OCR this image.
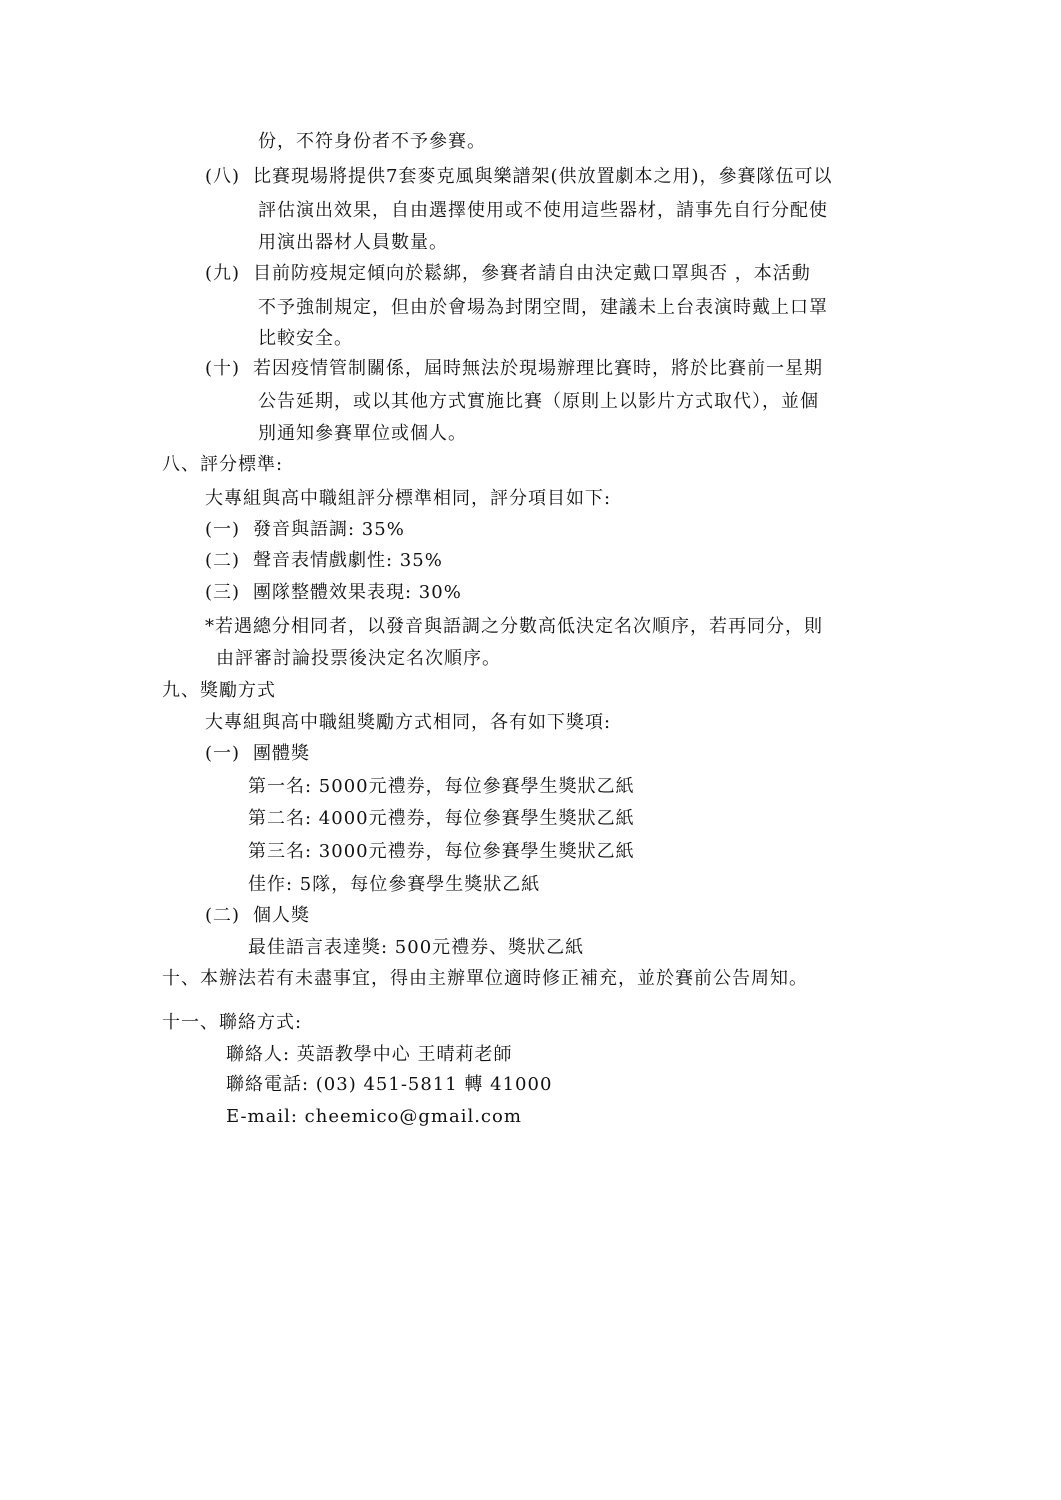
份，不符身份者不予參賽。
(八) 比賽現場將提供7套麥克風與樂譜架(供放置劇本之用)，參賽隊伍可以
評估演出效果，自由選擇使用或不使用這些器材，請事先自行分配使
用演出器材人員數量。
(九) 目前防疫規定傾向於鬆綁，參賽者請自由決定戴口罩與否 ，本活動
不予強制規定，但由於會場為封閉空間，建議未上台表演時戴上口罩
比較安全。
(十) 若因疫情管制關係，屆時無法於現場辦理比賽時，將於比賽前一星期
公告延期，或以其他方式實施比賽（原則上以影片方式取代），並個
別通知參賽單位或個人。
八、評分標準:
大專組與高中職組評分標準相同，評分項目如下:
(一) 發音與語調: 35%
(二) 聲音表情戲劇性: 35%
(三) 團隊整體效果表現: 30%
*若遇總分相同者，以發音與語調之分數高低決定名次順序，若再同分，則
由評審討論投票後決定名次順序。
九、獎勵方式
大專組與高中職組獎勵方式相同，各有如下獎項:
(一) 團體獎
第一名: 5000元禮券，每位參賽學生獎狀乙紙
第二名: 4000元禮券，每位參賽學生獎狀乙紙
第三名: 3000元禮券，每位參賽學生獎狀乙紙
佳作: 5隊，每位參賽學生獎狀乙紙
(二) 個人獎
最佳語言表達獎: 500元禮券、獎狀乙紙
十、本辦法若有未盡事宜，得由主辦單位適時修正補充，並於賽前公告周知。
十一、聯絡方式:
聯絡人: 英語教學中心 王晴莉老師
聯絡電話: (03) 451-5811 轉 41000
E-mail: cheemico@gmail.com
